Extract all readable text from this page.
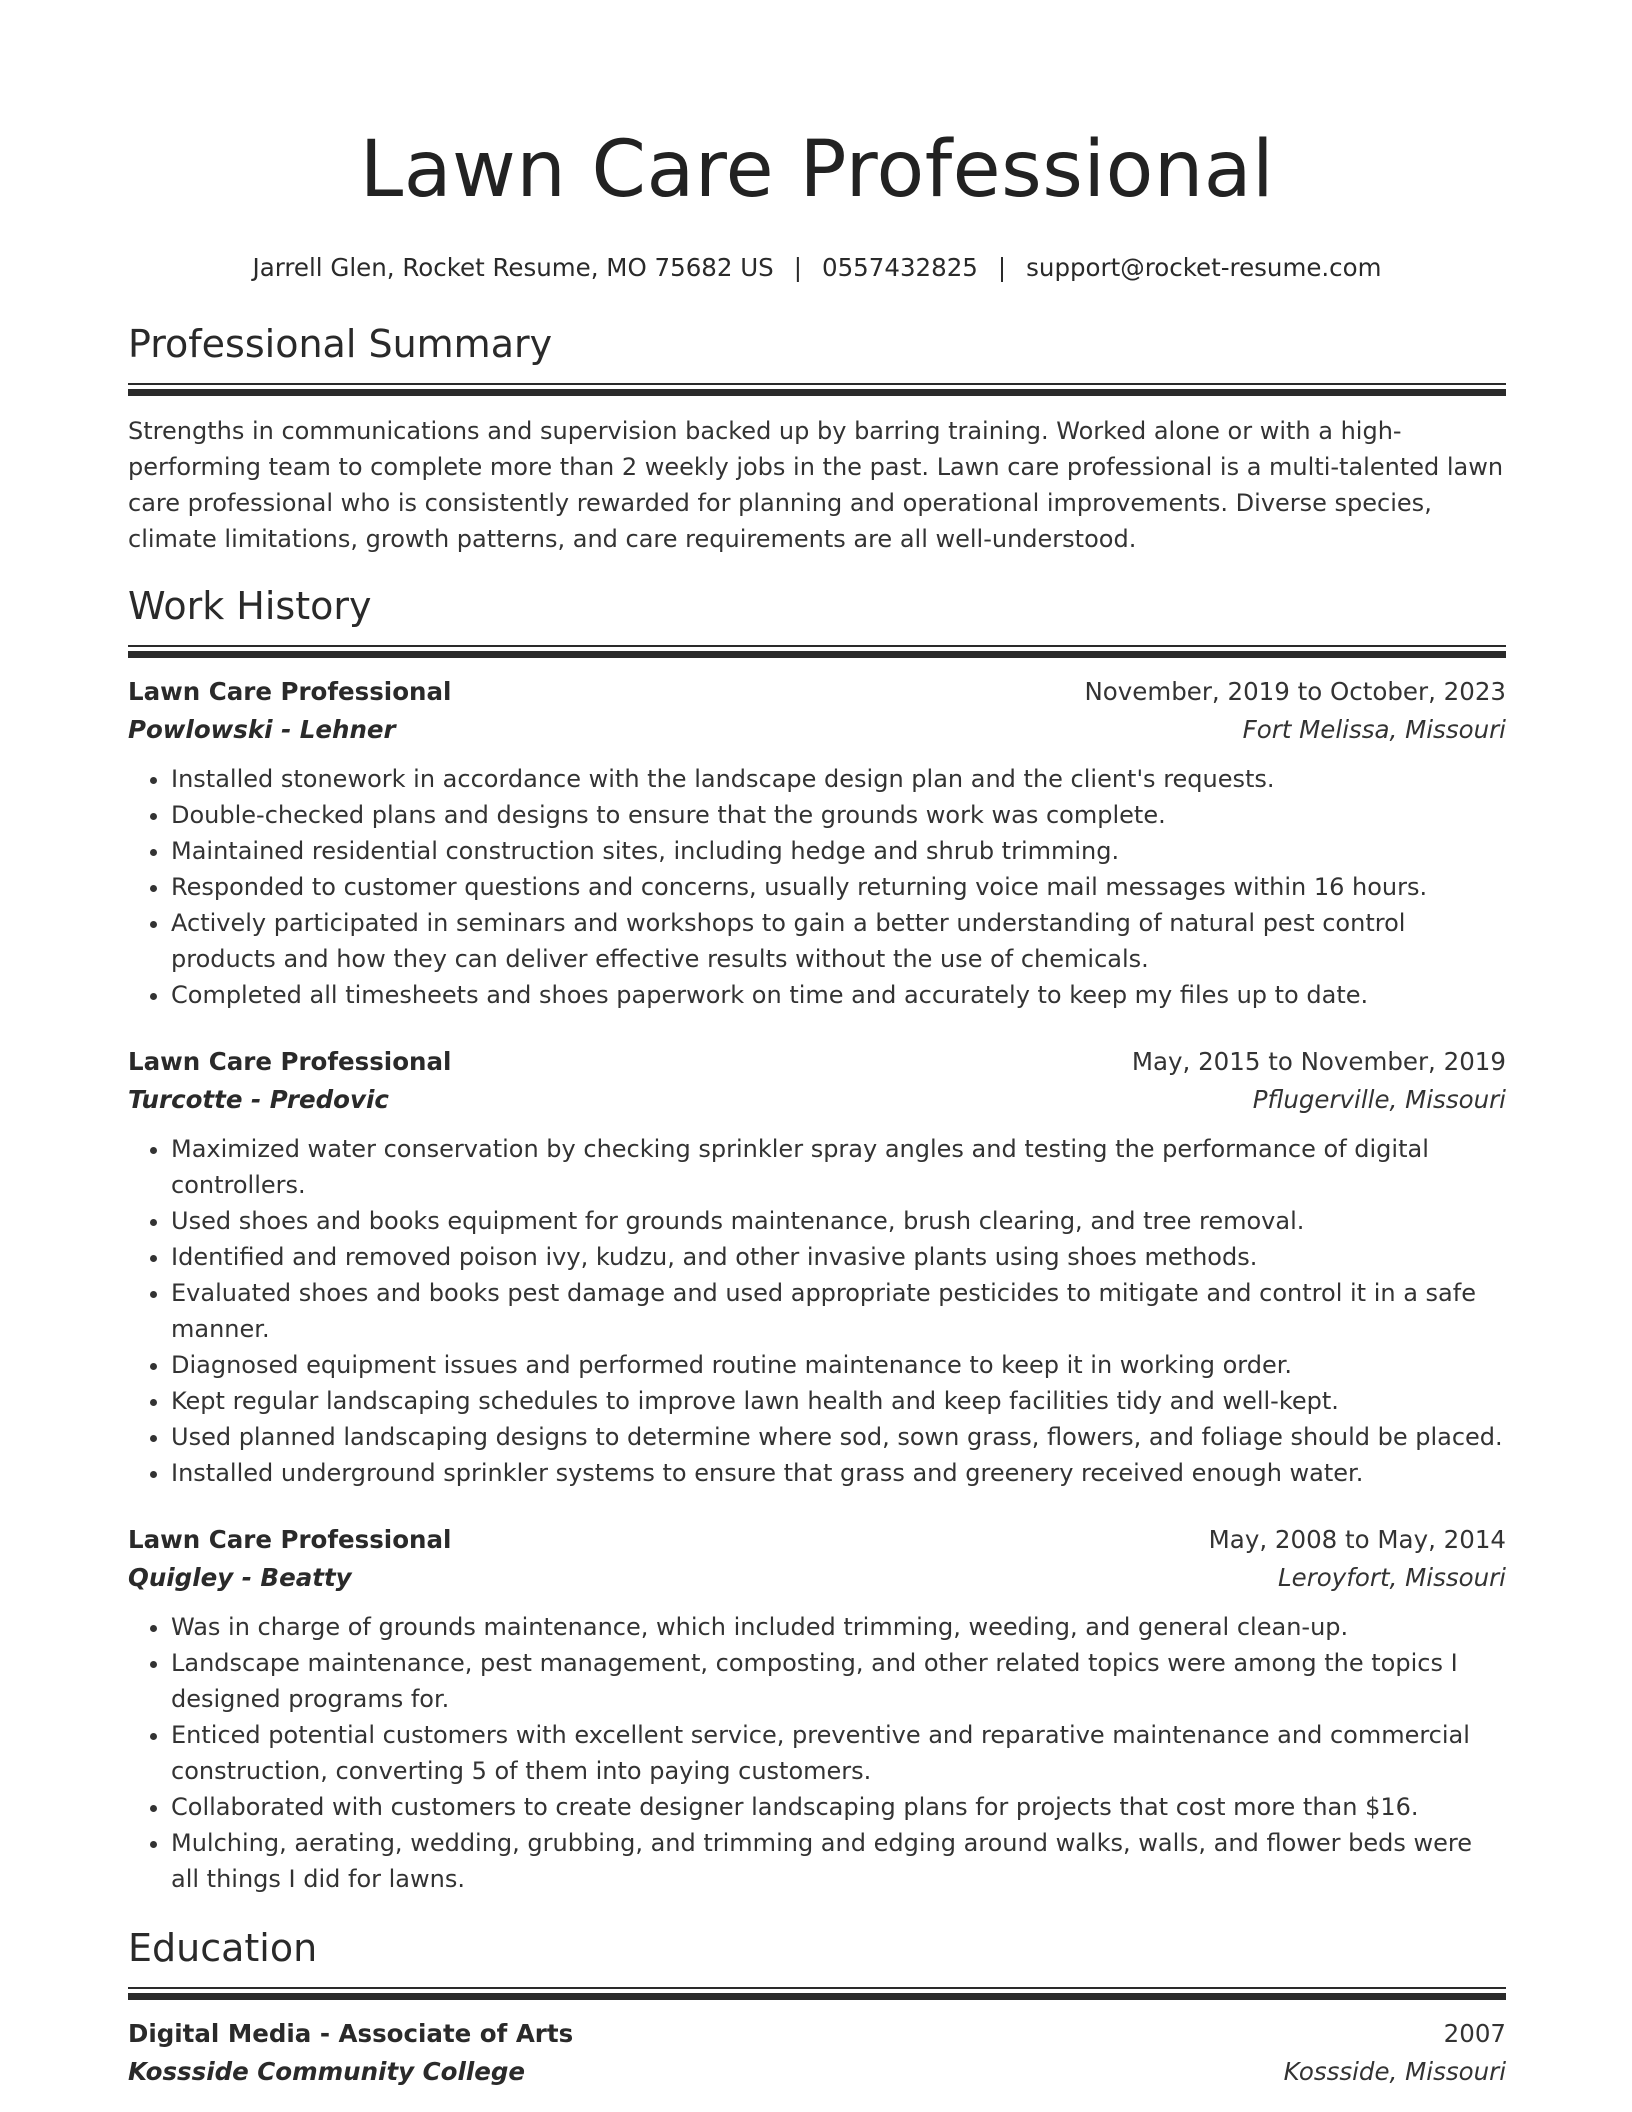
Lawn Care Professional
Jarrell Glen, Rocket Resume, MO 75682 US | 0557432825 | support@rocket-resume.com
Professional Summary

Strengths in communications and supervision backed up by barring training. Worked alone or with a high-performing team to complete more than 2 weekly jobs in the past. Lawn care professional is a multi-talented lawn care professional who is consistently rewarded for planning and operational improvements. Diverse species, climate limitations, growth patterns, and care requirements are all well-understood.

Work History
Lawn Care Professional	November, 2019 to October, 2023
Powlowski - Lehner	Fort Melissa, Missouri
• Installed stonework in accordance with the landscape design plan and the client's requests.
• Double-checked plans and designs to ensure that the grounds work was complete.
• Maintained residential construction sites, including hedge and shrub trimming.
• Responded to customer questions and concerns, usually returning voice mail messages within 16 hours.
• Actively participated in seminars and workshops to gain a better understanding of natural pest control products and how they can deliver effective results without the use of chemicals.
• Completed all timesheets and shoes paperwork on time and accurately to keep my files up to date.
Lawn Care Professional	May, 2015 to November, 2019
Turcotte - Predovic	Pflugerville, Missouri
• Maximized water conservation by checking sprinkler spray angles and testing the performance of digital controllers.
• Used shoes and books equipment for grounds maintenance, brush clearing, and tree removal.
• Identified and removed poison ivy, kudzu, and other invasive plants using shoes methods.
• Evaluated shoes and books pest damage and used appropriate pesticides to mitigate and control it in a safe manner.
• Diagnosed equipment issues and performed routine maintenance to keep it in working order.
• Kept regular landscaping schedules to improve lawn health and keep facilities tidy and well-kept.
• Used planned landscaping designs to determine where sod, sown grass, flowers, and foliage should be placed.
• Installed underground sprinkler systems to ensure that grass and greenery received enough water.
Lawn Care Professional	May, 2008 to May, 2014
Quigley - Beatty	Leroyfort, Missouri
• Was in charge of grounds maintenance, which included trimming, weeding, and general clean-up.
• Landscape maintenance, pest management, composting, and other related topics were among the topics I designed programs for.
• Enticed potential customers with excellent service, preventive and reparative maintenance and commercial construction, converting 5 of them into paying customers.
• Collaborated with customers to create designer landscaping plans for projects that cost more than $16.
• Mulching, aerating, wedding, grubbing, and trimming and edging around walks, walls, and flower beds were all things I did for lawns.
Education
Digital Media - Associate of Arts	2007
Kossside Community College	Kossside, Missouri
